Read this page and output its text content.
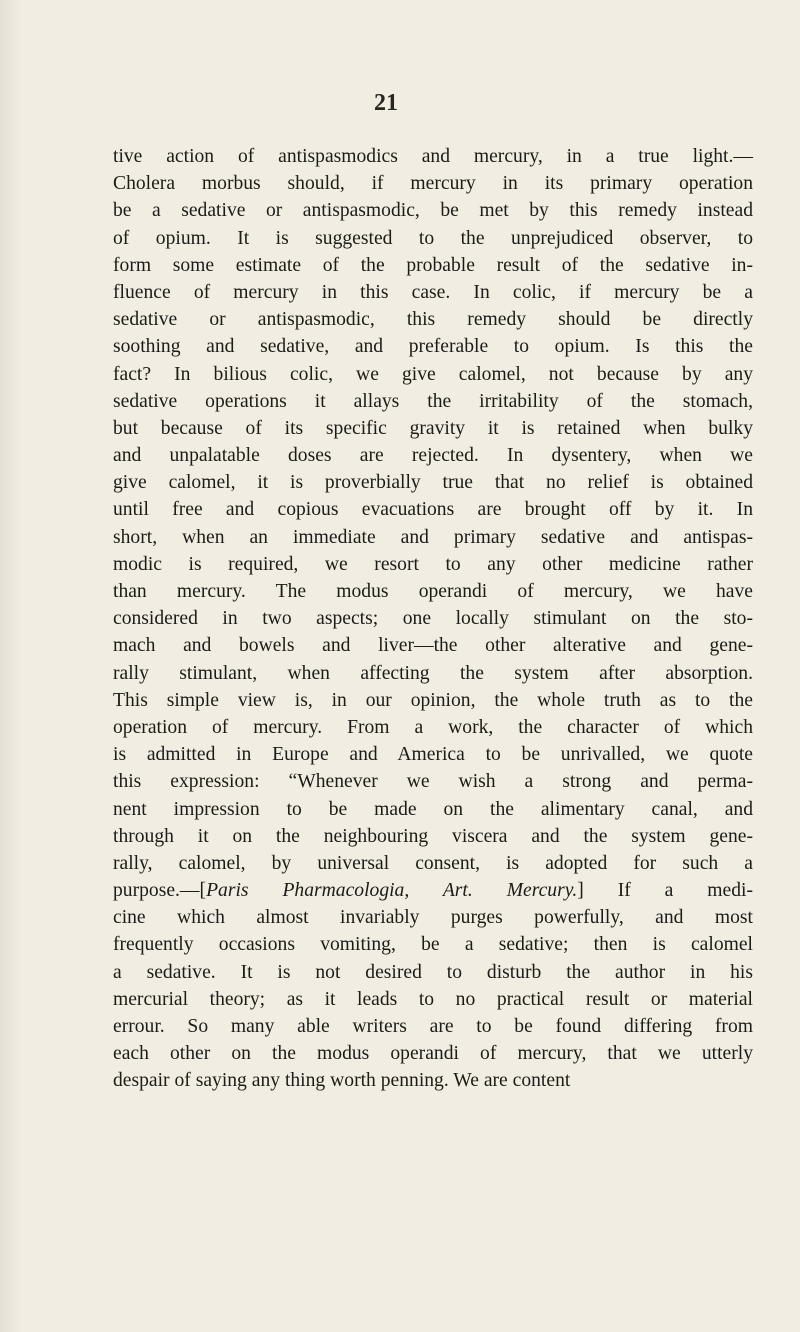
21
tive action of antispasmodics and mercury, in a true light.—
Cholera morbus should, if mercury in its primary operation
be a sedative or antispasmodic, be met by this remedy instead
of opium. It is suggested to the unprejudiced observer, to
form some estimate of the probable result of the sedative in-
fluence of mercury in this case. In colic, if mercury be a
sedative or antispasmodic, this remedy should be directly
soothing and sedative, and preferable to opium. Is this the
fact? In bilious colic, we give calomel, not because by any
sedative operations it allays the irritability of the stomach,
but because of its specific gravity it is retained when bulky
and unpalatable doses are rejected. In dysentery, when we
give calomel, it is proverbially true that no relief is obtained
until free and copious evacuations are brought off by it. In
short, when an immediate and primary sedative and antispas-
modic is required, we resort to any other medicine rather
than mercury. The modus operandi of mercury, we have
considered in two aspects; one locally stimulant on the sto-
mach and bowels and liver—the other alterative and gene-
rally stimulant, when affecting the system after absorption.
This simple view is, in our opinion, the whole truth as to the
operation of mercury. From a work, the character of which
is admitted in Europe and America to be unrivalled, we quote
this expression: “Whenever we wish a strong and perma-
nent impression to be made on the alimentary canal, and
through it on the neighbouring viscera and the system gene-
rally, calomel, by universal consent, is adopted for such a
purpose.—[Paris Pharmacologia, Art. Mercury.] If a medi-
cine which almost invariably purges powerfully, and most
frequently occasions vomiting, be a sedative; then is calomel
a sedative. It is not desired to disturb the author in his
mercurial theory; as it leads to no practical result or material
errour. So many able writers are to be found differing from
each other on the modus operandi of mercury, that we utterly
despair of saying any thing worth penning. We are content
